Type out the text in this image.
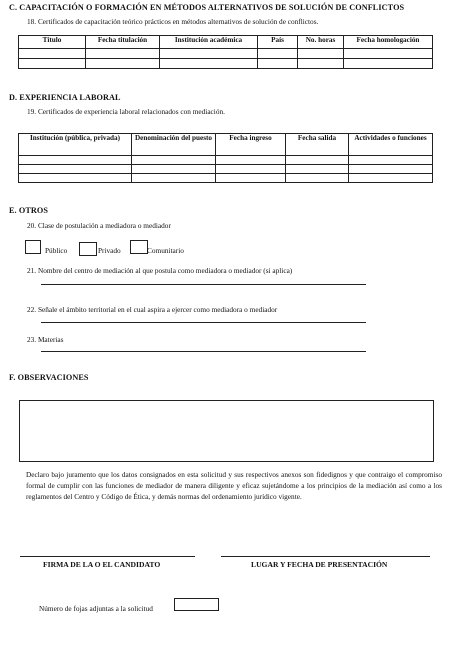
C. CAPACITACIÓN O FORMACIÓN EN MÉTODOS ALTERNATIVOS DE SOLUCIÓN DE CONFLICTOS
18. Certificados de capacitación teórico prácticos en métodos alternativos de solución de conflictos.
Título	Fecha titulación	Institución académica	País	No. horas	Fecha homologación

D. EXPERIENCIA LABORAL
19. Certificados de experiencia laboral relacionados con mediación.
Institución (pública, privada)	Denominación del puesto	Fecha ingreso	Fecha salida	Actividades o funciones

E. OTROS
20. Clase de postulación a mediadora o mediador
Público	Privado	Comunitario
21. Nombre del centro de mediación al que postula como mediadora o mediador (si aplica)
22. Señale el ámbito territorial en el cual aspira a ejercer como mediadora o mediador
23. Materias
F. OBSERVACIONES
Declaro bajo juramento que los datos consignados en esta solicitud y sus respectivos anexos son fidedignos y que contraigo el compromiso formal de cumplir con las funciones de mediador de manera diligente y eficaz sujetándome a los principios de la mediación así como a los reglamentos del Centro y Código de Ética, y demás normas del ordenamiento jurídico vigente.
FIRMA DE LA O EL CANDIDATO	LUGAR Y FECHA DE PRESENTACIÓN
Número de fojas adjuntas a la solicitud
